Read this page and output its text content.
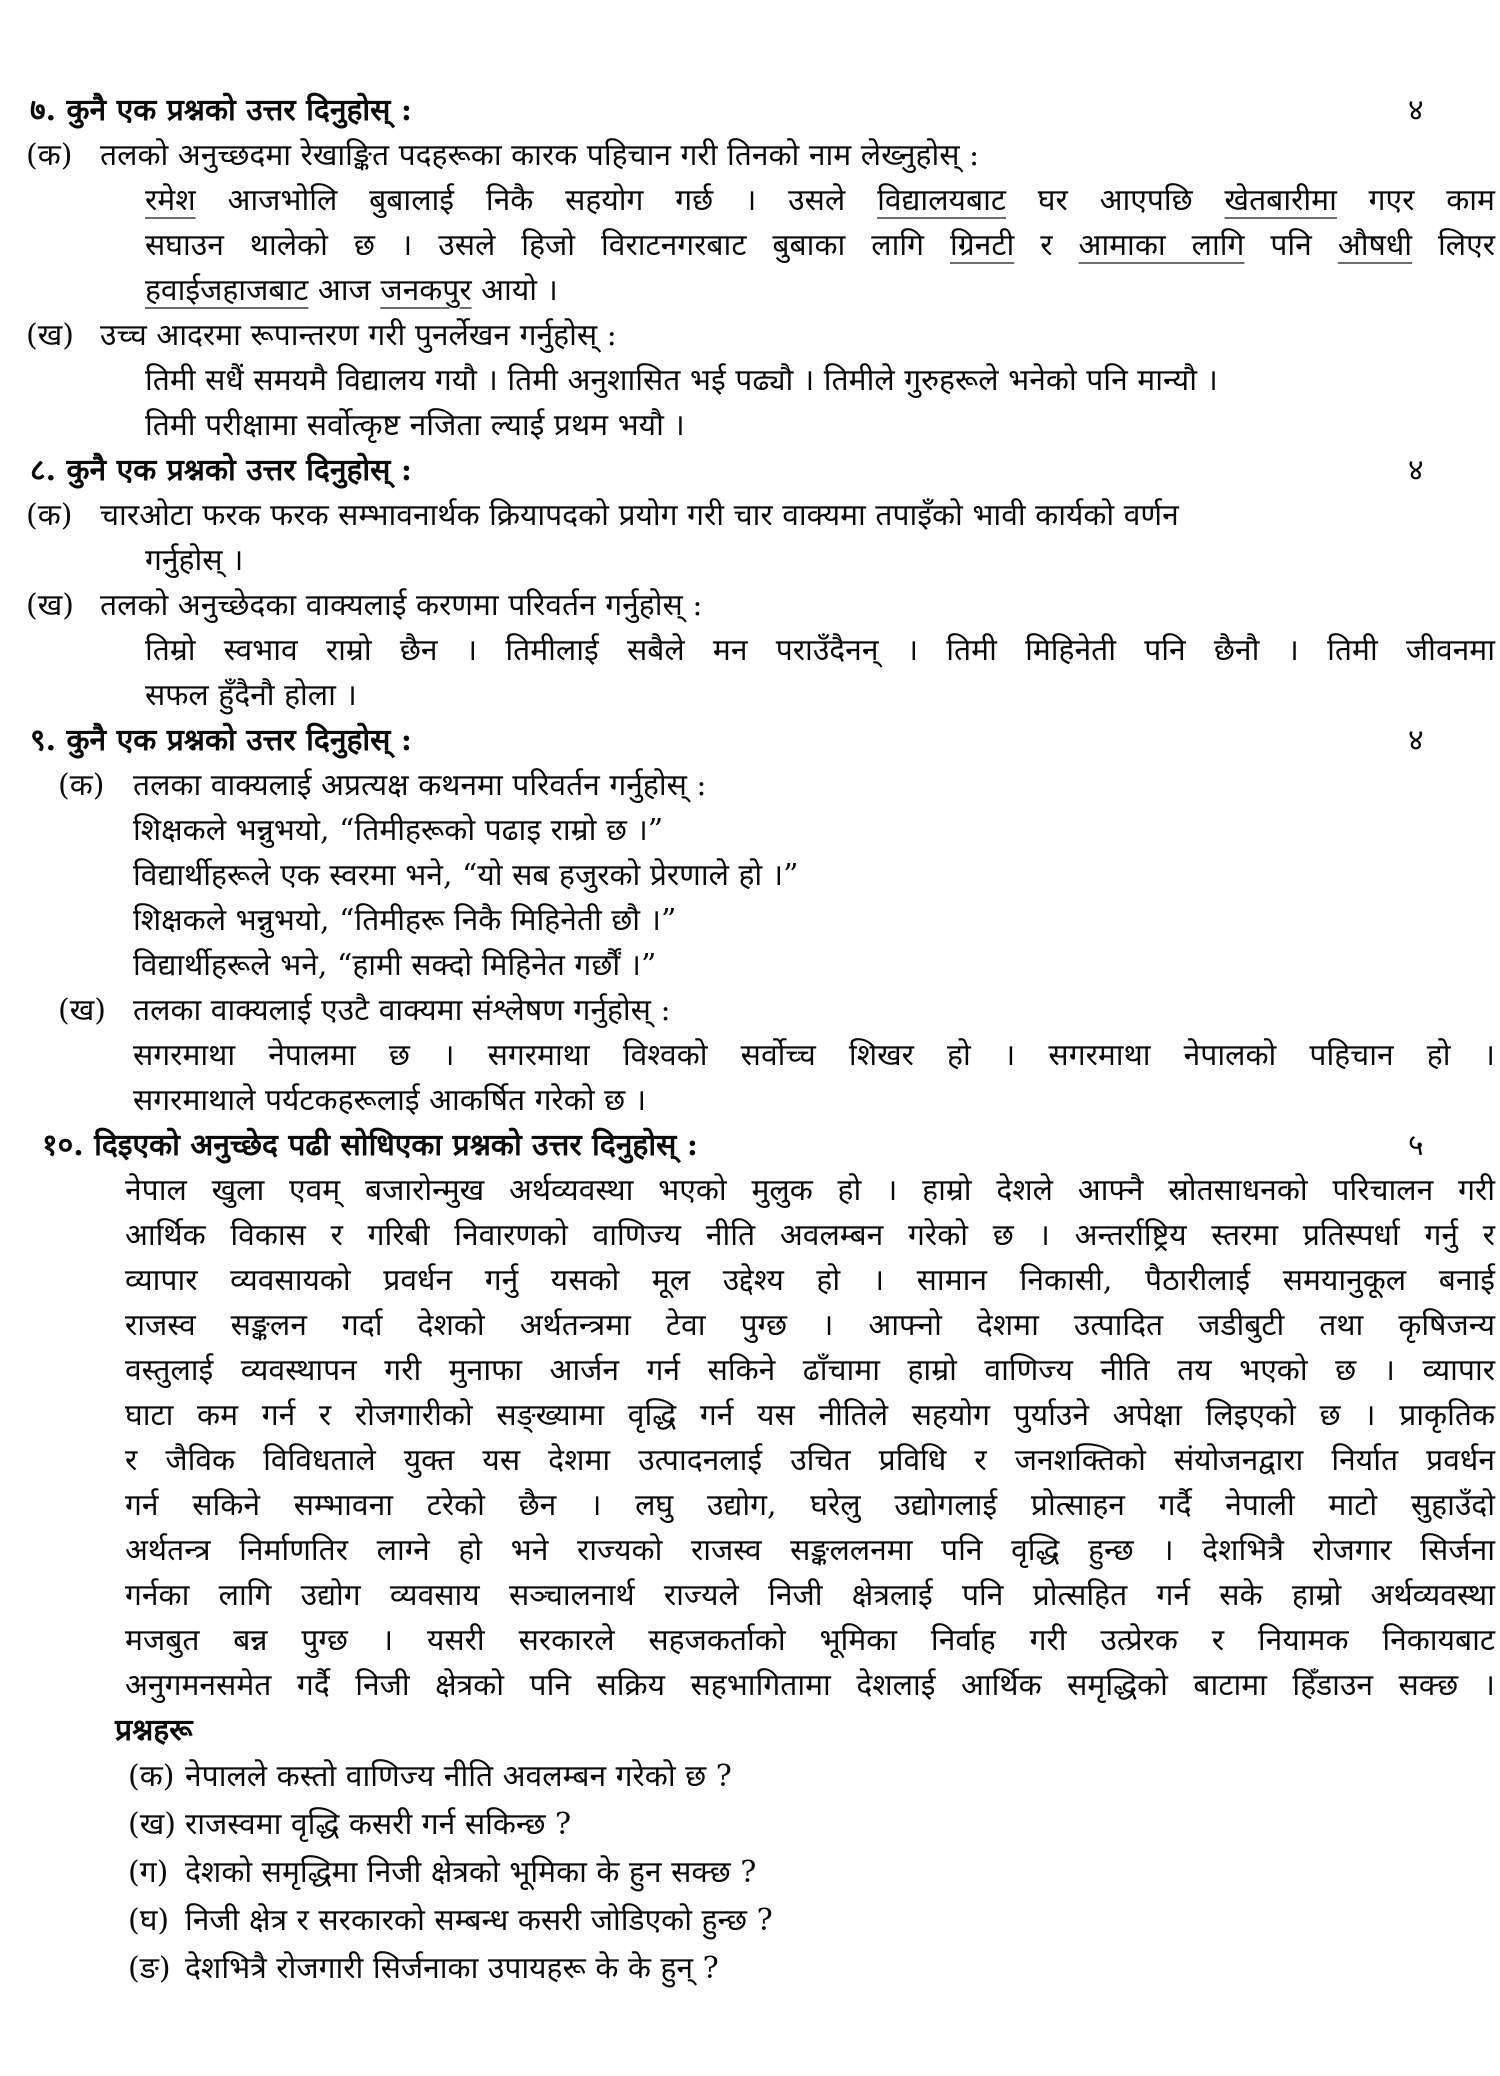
७. कुनै एक प्रश्नको उत्तर दिनुहोस् :	४
(क) तलको अनुच्छदमा रेखाङ्कित पदहरूका कारक पहिचान गरी तिनको नाम लेख्नुहोस् :
रमेश आजभोलि बुबालाई निकै सहयोग गर्छ । उसले विद्यालयबाट घर आएपछि खेतबारीमा गएर काम
सघाउन थालेको छ । उसले हिजो विराटनगरबाट बुबाका लागि ग्रिनटी र आमाका लागि पनि औषधी लिएर
हवाईजहाजबाट आज जनकपुर आयो ।
(ख) उच्च आदरमा रूपान्तरण गरी पुनर्लेखन गर्नुहोस् :
तिमी सधैं समयमै विद्यालय गयौ । तिमी अनुशासित भई पढ्यौ । तिमीले गुरुहरूले भनेको पनि मान्यौ ।
तिमी परीक्षामा सर्वोत्कृष्ट नजिता ल्याई प्रथम भयौ ।
८. कुनै एक प्रश्नको उत्तर दिनुहोस् :	४
(क) चारओटा फरक फरक सम्भावनार्थक क्रियापदको प्रयोग गरी चार वाक्यमा तपाइँको भावी कार्यको वर्णन
गर्नुहोस् ।
(ख) तलको अनुच्छेदका वाक्यलाई करणमा परिवर्तन गर्नुहोस् :
तिम्रो स्वभाव राम्रो छैन । तिमीलाई सबैले मन पराउँदैनन् । तिमी मिहिनेती पनि छैनौ । तिमी जीवनमा
सफल हुँदैनौ होला ।
९. कुनै एक प्रश्नको उत्तर दिनुहोस् :	४
(क) तलका वाक्यलाई अप्रत्यक्ष कथनमा परिवर्तन गर्नुहोस् :
शिक्षकले भन्नुभयो, “तिमीहरूको पढाइ राम्रो छ ।”
विद्यार्थीहरूले एक स्वरमा भने, “यो सब हजुरको प्रेरणाले हो ।”
शिक्षकले भन्नुभयो, “तिमीहरू निकै मिहिनेती छौ ।”
विद्यार्थीहरूले भने, “हामी सक्दो मिहिनेत गर्छौं ।”
(ख) तलका वाक्यलाई एउटै वाक्यमा संश्लेषण गर्नुहोस् :
सगरमाथा नेपालमा छ । सगरमाथा विश्वको सर्वोच्च शिखर हो । सगरमाथा नेपालको पहिचान हो ।
सगरमाथाले पर्यटकहरूलाई आकर्षित गरेको छ ।
१०. दिइएको अनुच्छेद पढी सोधिएका प्रश्नको उत्तर दिनुहोस् :	५
नेपाल खुला एवम् बजारोन्मुख अर्थव्यवस्था भएको मुलुक हो । हाम्रो देशले आफ्नै स्रोतसाधनको परिचालन गरी
आर्थिक विकास र गरिबी निवारणको वाणिज्य नीति अवलम्बन गरेको छ । अन्तर्राष्ट्रिय स्तरमा प्रतिस्पर्धा गर्नु र
व्यापार व्यवसायको प्रवर्धन गर्नु यसको मूल उद्देश्य हो । सामान निकासी, पैठारीलाई समयानुकूल बनाई
राजस्व सङ्कलन गर्दा देशको अर्थतन्त्रमा टेवा पुग्छ । आफ्नो देशमा उत्पादित जडीबुटी तथा कृषिजन्य
वस्तुलाई व्यवस्थापन गरी मुनाफा आर्जन गर्न सकिने ढाँचामा हाम्रो वाणिज्य नीति तय भएको छ । व्यापार
घाटा कम गर्न र रोजगारीको सङ्ख्यामा वृद्धि गर्न यस नीतिले सहयोग पुर्याउने अपेक्षा लिइएको छ । प्राकृतिक
र जैविक विविधताले युक्त यस देशमा उत्पादनलाई उचित प्रविधि र जनशक्तिको संयोजनद्वारा निर्यात प्रवर्धन
गर्न सकिने सम्भावना टरेको छैन । लघु उद्योग, घरेलु उद्योगलाई प्रोत्साहन गर्दै नेपाली माटो सुहाउँदो
अर्थतन्त्र निर्माणतिर लाग्ने हो भने राज्यको राजस्व सङ्कललनमा पनि वृद्धि हुन्छ । देशभित्रै रोजगार सिर्जना
गर्नका लागि उद्योग व्यवसाय सञ्चालनार्थ राज्यले निजी क्षेत्रलाई पनि प्रोत्सहित गर्न सके हाम्रो अर्थव्यवस्था
मजबुत बन्न पुग्छ । यसरी सरकारले सहजकर्ताको भूमिका निर्वाह गरी उत्प्रेरक र नियामक निकायबाट
अनुगमनसमेत गर्दै निजी क्षेत्रको पनि सक्रिय सहभागितामा देशलाई आर्थिक समृद्धिको बाटामा हिँडाउन सक्छ ।
प्रश्नहरू
(क) नेपालले कस्तो वाणिज्य नीति अवलम्बन गरेको छ ?
(ख) राजस्वमा वृद्धि कसरी गर्न सकिन्छ ?
(ग) देशको समृद्धिमा निजी क्षेत्रको भूमिका के हुन सक्छ ?
(घ) निजी क्षेत्र र सरकारको सम्बन्ध कसरी जोडिएको हुन्छ ?
(ङ) देशभित्रै रोजगारी सिर्जनाका उपायहरू के के हुन् ?
